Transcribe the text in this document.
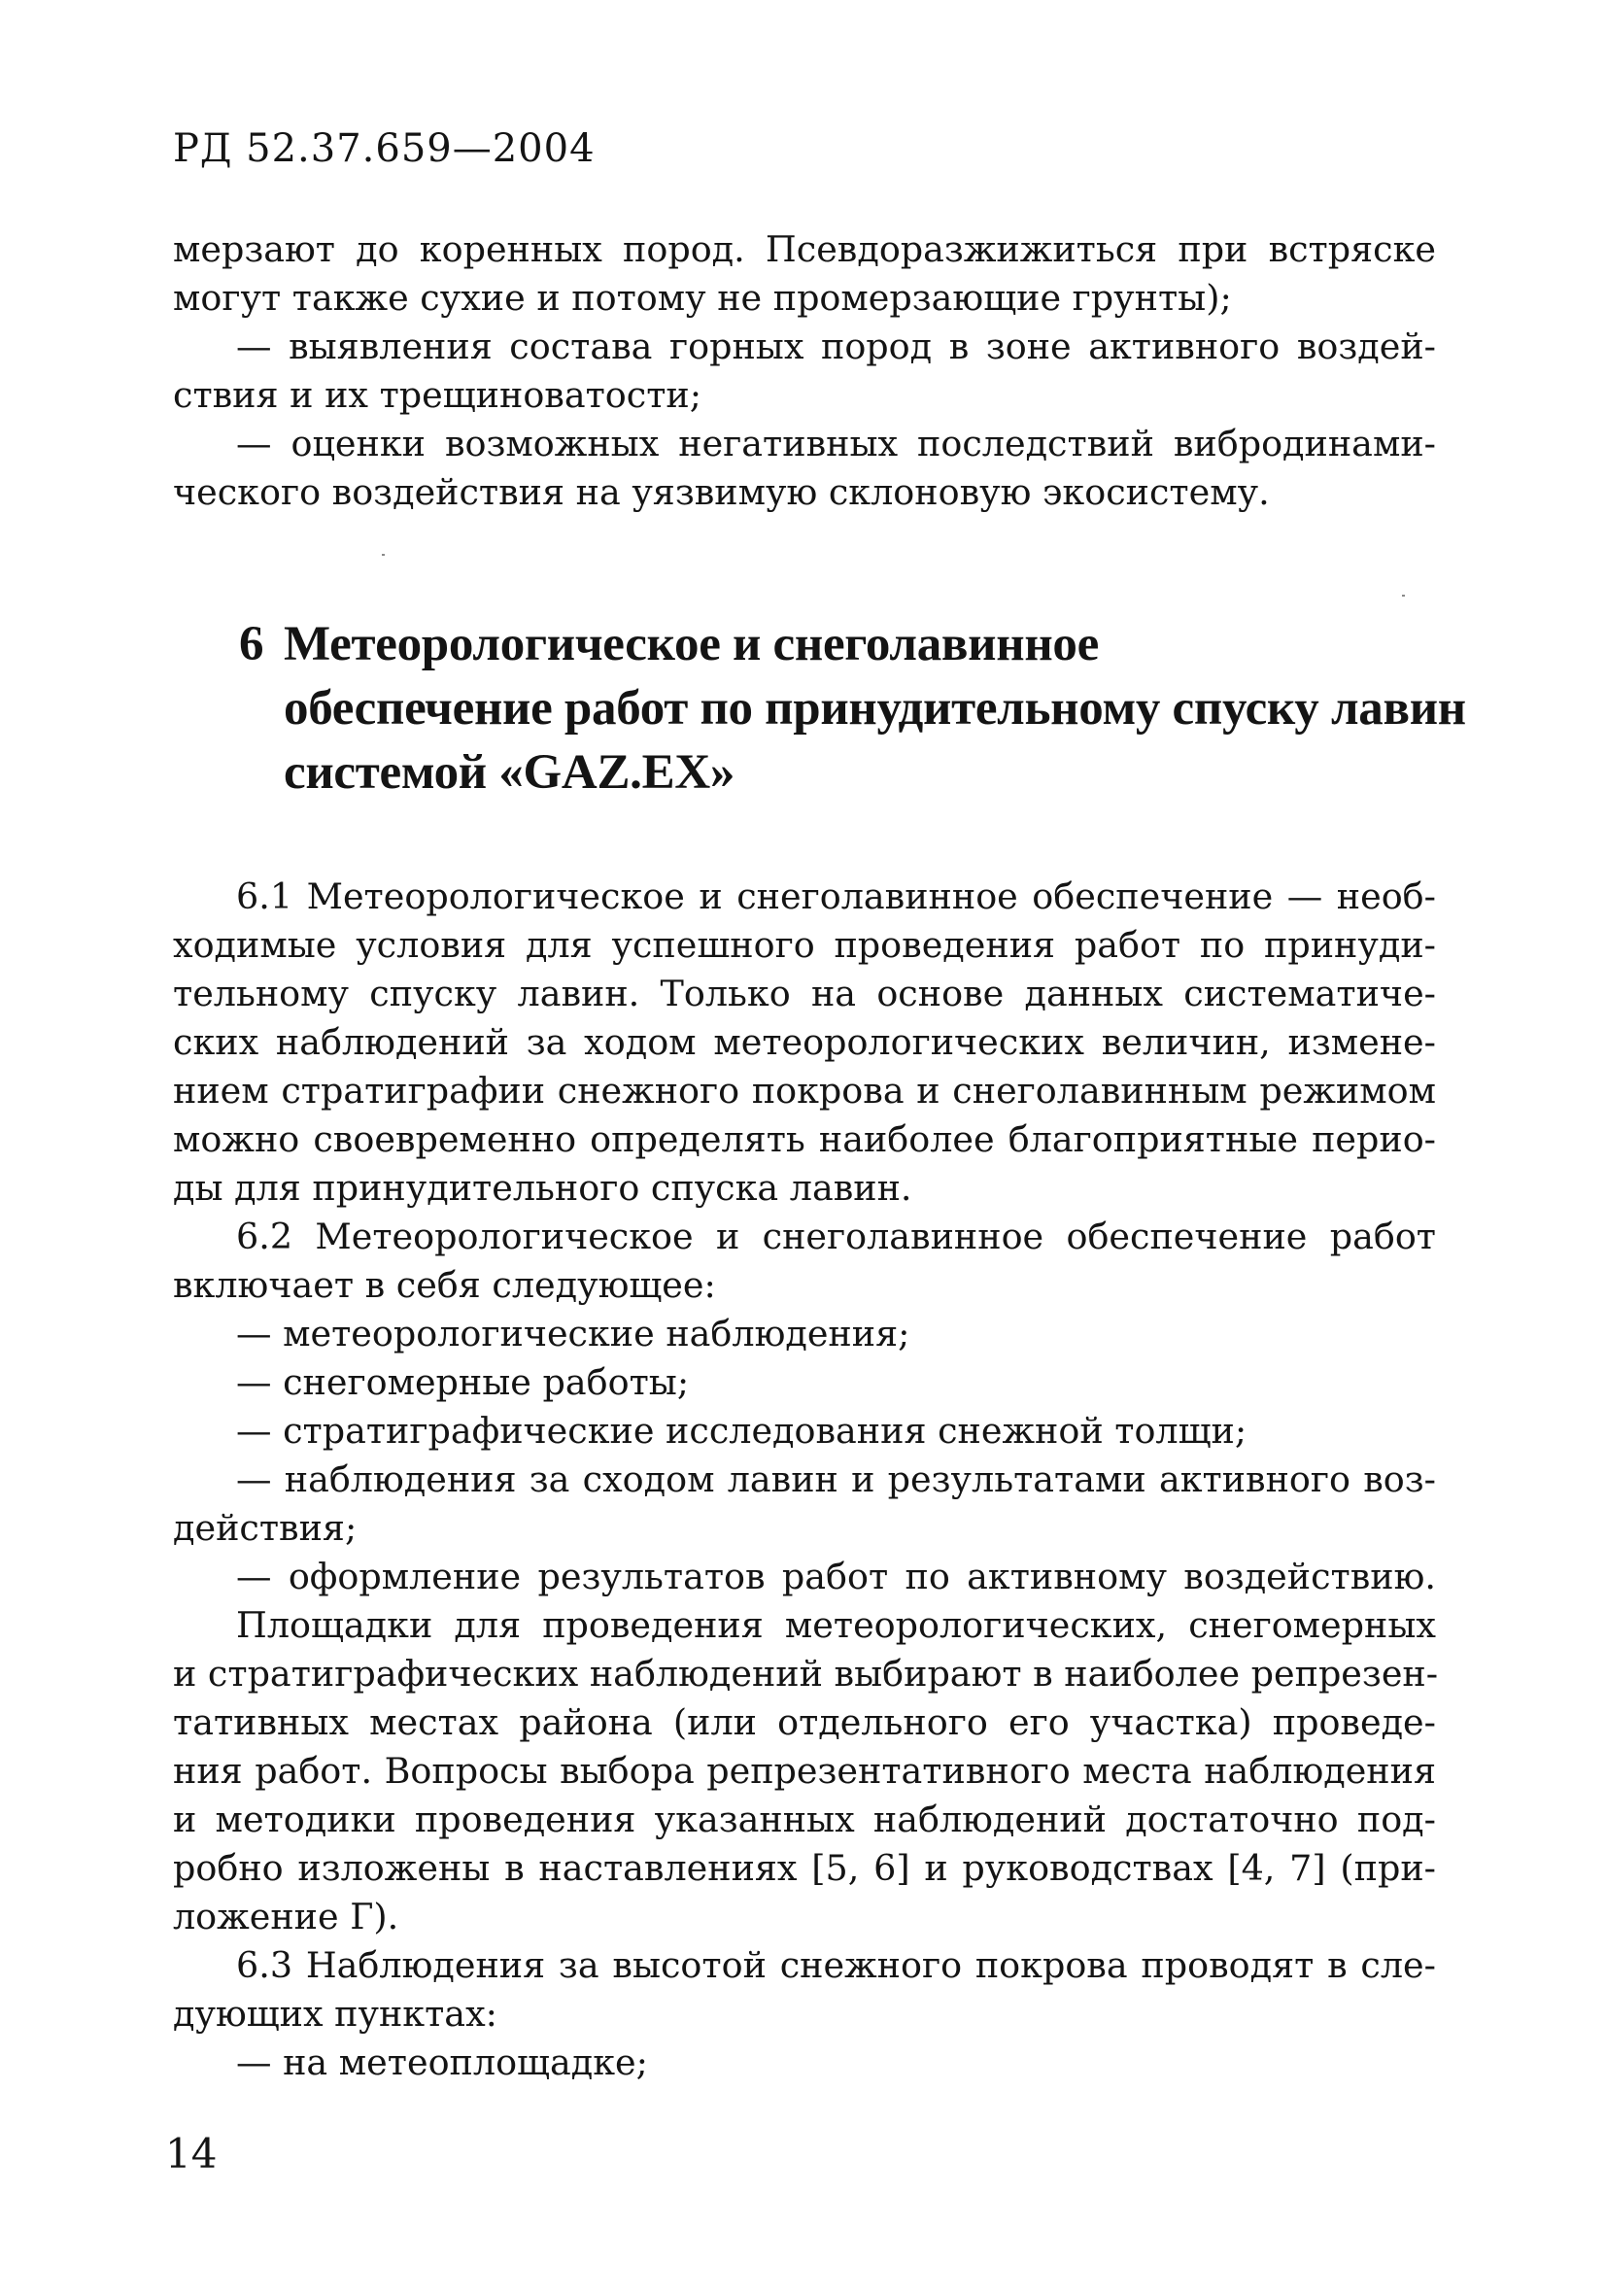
РД 52.37.659—2004
мерзают до коренных пород. Псевдоразжижиться при встряске
могут также сухие и потому не промерзающие грунты);
— выявления состава горных пород в зоне активного воздей-
ствия и их трещиноватости;
— оценки возможных негативных последствий вибродинами-
ческого воздействия на уязвимую склоновую экосистему.
6 Метеорологическое и снеголавинное
обеспечение работ по принудительному спуску лавин
системой «GAZ.EX»
6.1 Метеорологическое и снеголавинное обеспечение — необ-
ходимые условия для успешного проведения работ по принуди-
тельному спуску лавин. Только на основе данных систематиче-
ских наблюдений за ходом метеорологических величин, измене-
нием стратиграфии снежного покрова и снеголавинным режимом
можно своевременно определять наиболее благоприятные перио-
ды для принудительного спуска лавин.
6.2 Метеорологическое и снеголавинное обеспечение работ
включает в себя следующее:
— метеорологические наблюдения;
— снегомерные работы;
— стратиграфические исследования снежной толщи;
— наблюдения за сходом лавин и результатами активного воз-
действия;
— оформление результатов работ по активному воздействию.
Площадки для проведения метеорологических, снегомерных
и стратиграфических наблюдений выбирают в наиболее репрезен-
тативных местах района (или отдельного его участка) проведе-
ния работ. Вопросы выбора репрезентативного места наблюдения
и методики проведения указанных наблюдений достаточно под-
робно изложены в наставлениях [5, 6] и руководствах [4, 7] (при-
ложение Г).
6.3 Наблюдения за высотой снежного покрова проводят в сле-
дующих пунктах:
— на метеоплощадке;
14
